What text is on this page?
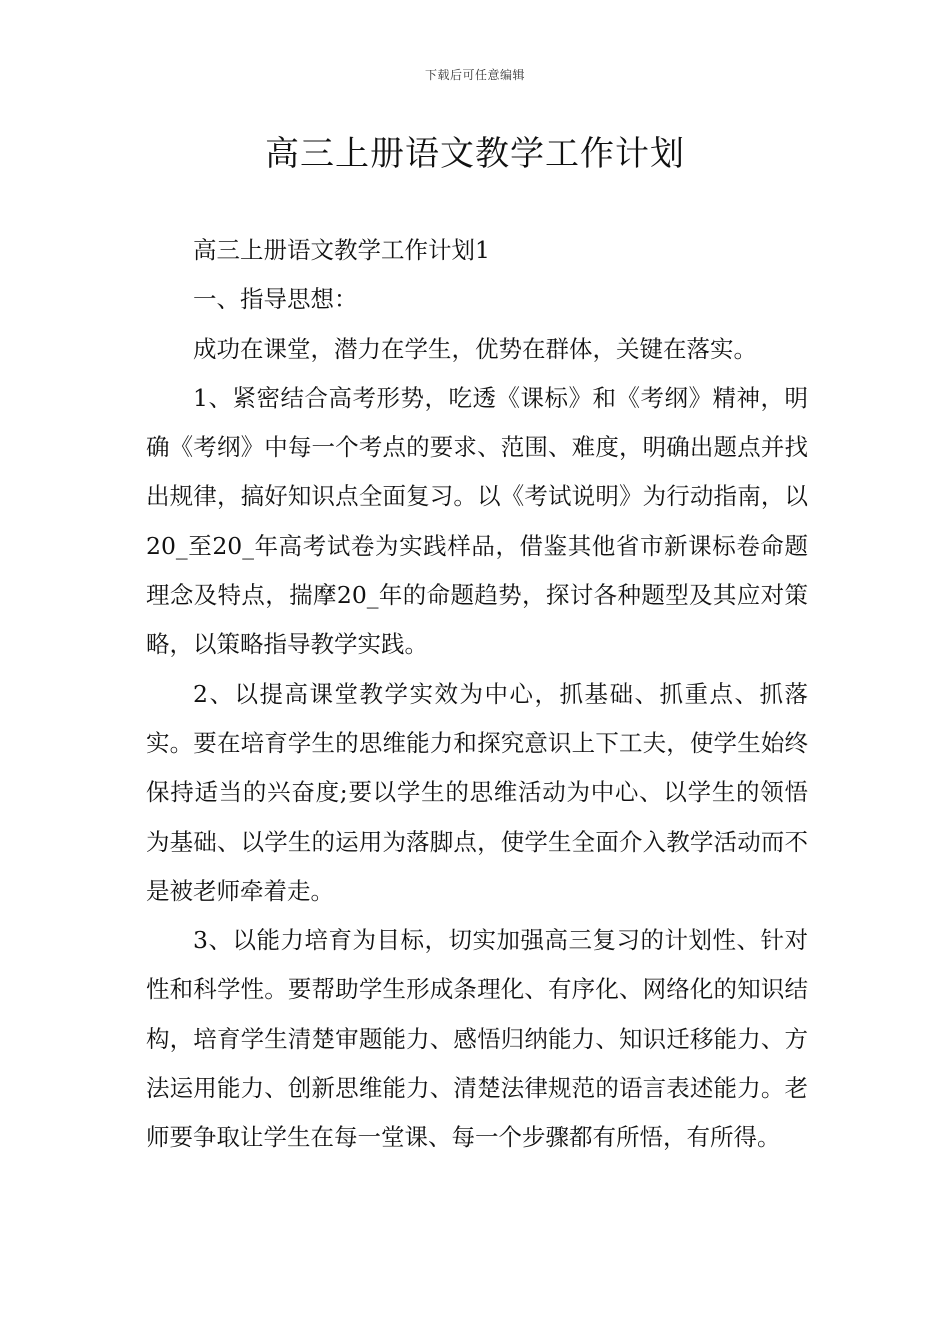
下载后可任意编辑
高三上册语文教学工作计划

高三上册语文教学工作计划1

一、指导思想：

成功在课堂，潜力在学生，优势在群体，关键在落实。

1、紧密结合高考形势，吃透《课标》和《考纲》精神，明确《考纲》中每一个考点的要求、范围、难度，明确出题点并找出规律，搞好知识点全面复习。以《考试说明》为行动指南，以20_至20_年高考试卷为实践样品，借鉴其他省市新课标卷命题理念及特点，揣摩20_年的命题趋势，探讨各种题型及其应对策略，以策略指导教学实践。

2、以提高课堂教学实效为中心，抓基础、抓重点、抓落实。要在培育学生的思维能力和探究意识上下工夫，使学生始终保持适当的兴奋度;要以学生的思维活动为中心、以学生的领悟为基础、以学生的运用为落脚点，使学生全面介入教学活动而不是被老师牵着走。

3、以能力培育为目标，切实加强高三复习的计划性、针对性和科学性。要帮助学生形成条理化、有序化、网络化的知识结构，培育学生清楚审题能力、感悟归纳能力、知识迁移能力、方法运用能力、创新思维能力、清楚法律规范的语言表述能力。老师要争取让学生在每一堂课、每一个步骤都有所悟，有所得。
